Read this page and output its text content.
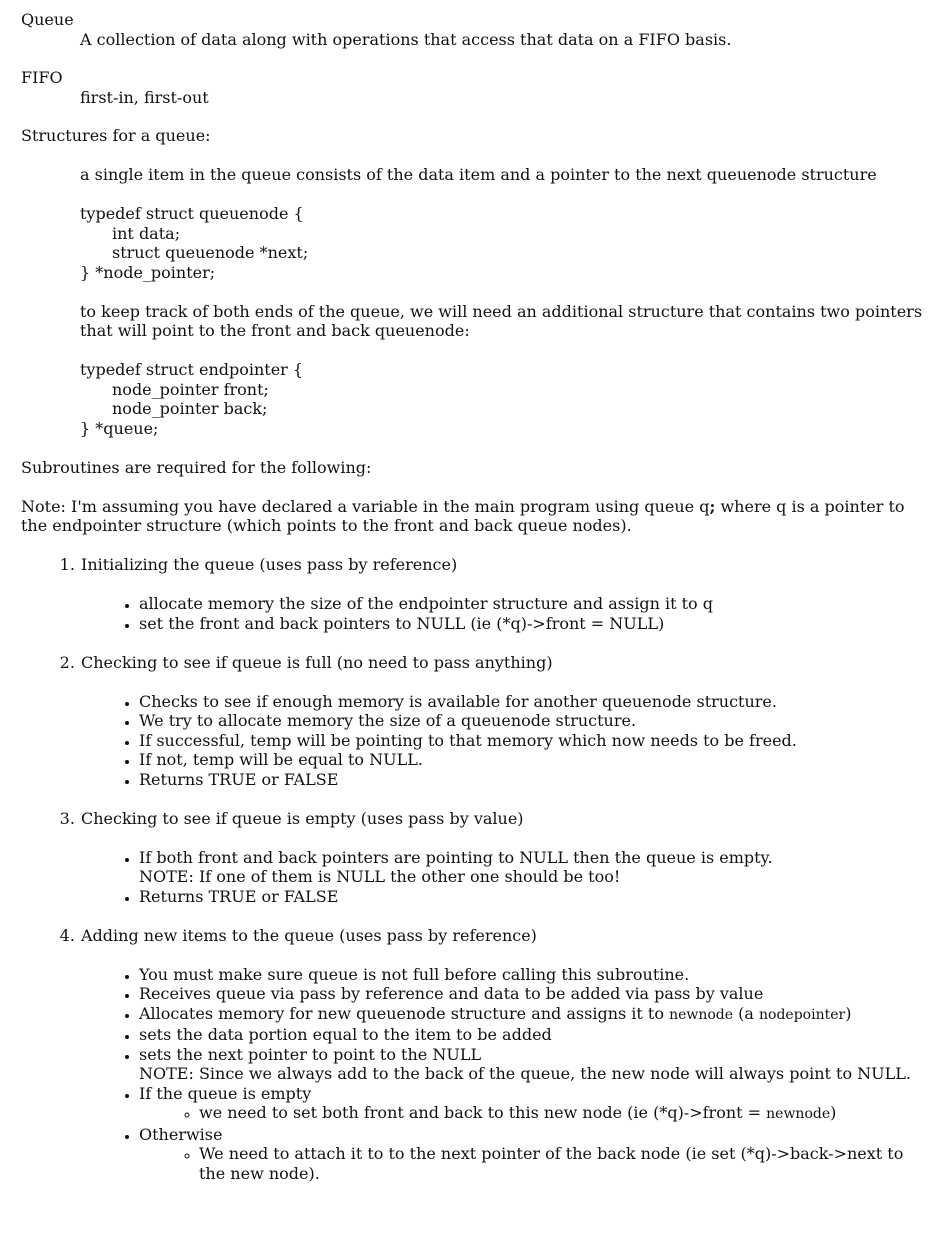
Queue
A collection of data along with operations that access that data on a FIFO basis.
FIFO
first-in, first-out

Structures for a queue:

a single item in the queue consists of the data item and a pointer to the next queuenode structure

typedef struct queuenode {
int data;
struct queuenode *next;
} *node_pointer;

to keep track of both ends of the queue, we will need an additional structure that contains two pointers that will point to the front and back queuenode:

typedef struct endpointer {
node_pointer front;
node_pointer back;
} *queue;

Subroutines are required for the following:

Note: I'm assuming you have declared a variable in the main program using queue q; where q is a pointer to the endpointer structure (which points to the front and back queue nodes).

1. Initializing the queue (uses pass by reference)
• allocate memory the size of the endpointer structure and assign it to q
• set the front and back pointers to NULL (ie (*q)->front = NULL)
2. Checking to see if queue is full (no need to pass anything)
• Checks to see if enough memory is available for another queuenode structure.
• We try to allocate memory the size of a queuenode structure.
• If successful, temp will be pointing to that memory which now needs to be freed.
• If not, temp will be equal to NULL.
• Returns TRUE or FALSE
3. Checking to see if queue is empty (uses pass by value)
• If both front and back pointers are pointing to NULL then the queue is empty.
NOTE: If one of them is NULL the other one should be too!
• Returns TRUE or FALSE
4. Adding new items to the queue (uses pass by reference)
• You must make sure queue is not full before calling this subroutine.
• Receives queue via pass by reference and data to be added via pass by value
• Allocates memory for new queuenode structure and assigns it to newnode (a nodepointer)
• sets the data portion equal to the item to be added
• sets the next pointer to point to the NULL
NOTE: Since we always add to the back of the queue, the new node will always point to NULL.
• If the queue is empty
◦ we need to set both front and back to this new node (ie (*q)->front = newnode)
• Otherwise
◦ We need to attach it to to the next pointer of the back node (ie set (*q)->back->next to the new node).
